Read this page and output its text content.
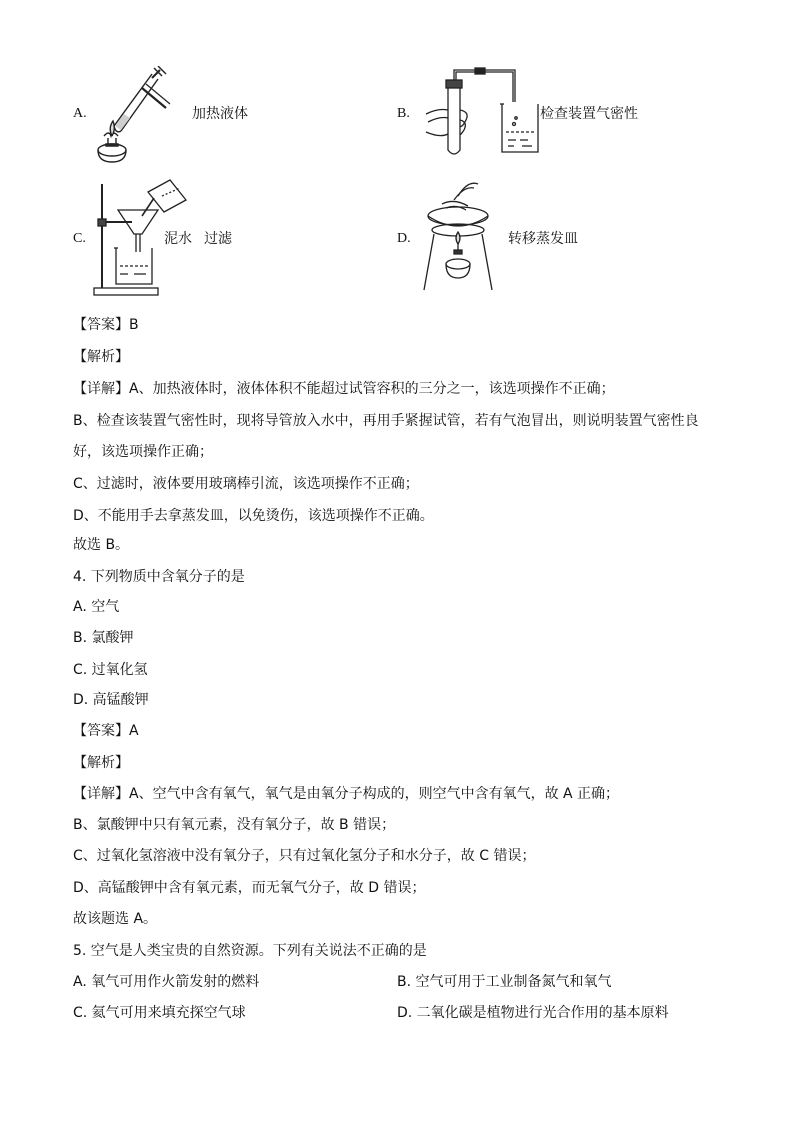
A.	加热液体	B.	检查装置气密性
C.	泥水 过滤	D.	转移蒸发皿
【答案】B
【解析】
【详解】A、加热液体时，液体体积不能超过试管容积的三分之一，该选项操作不正确；
B、检查该装置气密性时，现将导管放入水中，再用手紧握试管，若有气泡冒出，则说明装置气密性良
好，该选项操作正确；
C、过滤时，液体要用玻璃棒引流，该选项操作不正确；
D、不能用手去拿蒸发皿，以免烫伤，该选项操作不正确。
故选 B。
4. 下列物质中含氧分子的是
A. 空气
B. 氯酸钾
C. 过氧化氢
D. 高锰酸钾
【答案】A
【解析】
【详解】A、空气中含有氧气，氧气是由氧分子构成的，则空气中含有氧气，故 A 正确；
B、氯酸钾中只有氧元素，没有氧分子，故 B 错误；
C、过氧化氢溶液中没有氧分子，只有过氧化氢分子和水分子，故 C 错误；
D、高锰酸钾中含有氧元素，而无氧气分子，故 D 错误；
故该题选 A。
5. 空气是人类宝贵的自然资源。下列有关说法不正确的是
A. 氧气可用作火箭发射的燃料	B. 空气可用于工业制备氮气和氧气
C. 氦气可用来填充探空气球	D. 二氧化碳是植物进行光合作用的基本原料
